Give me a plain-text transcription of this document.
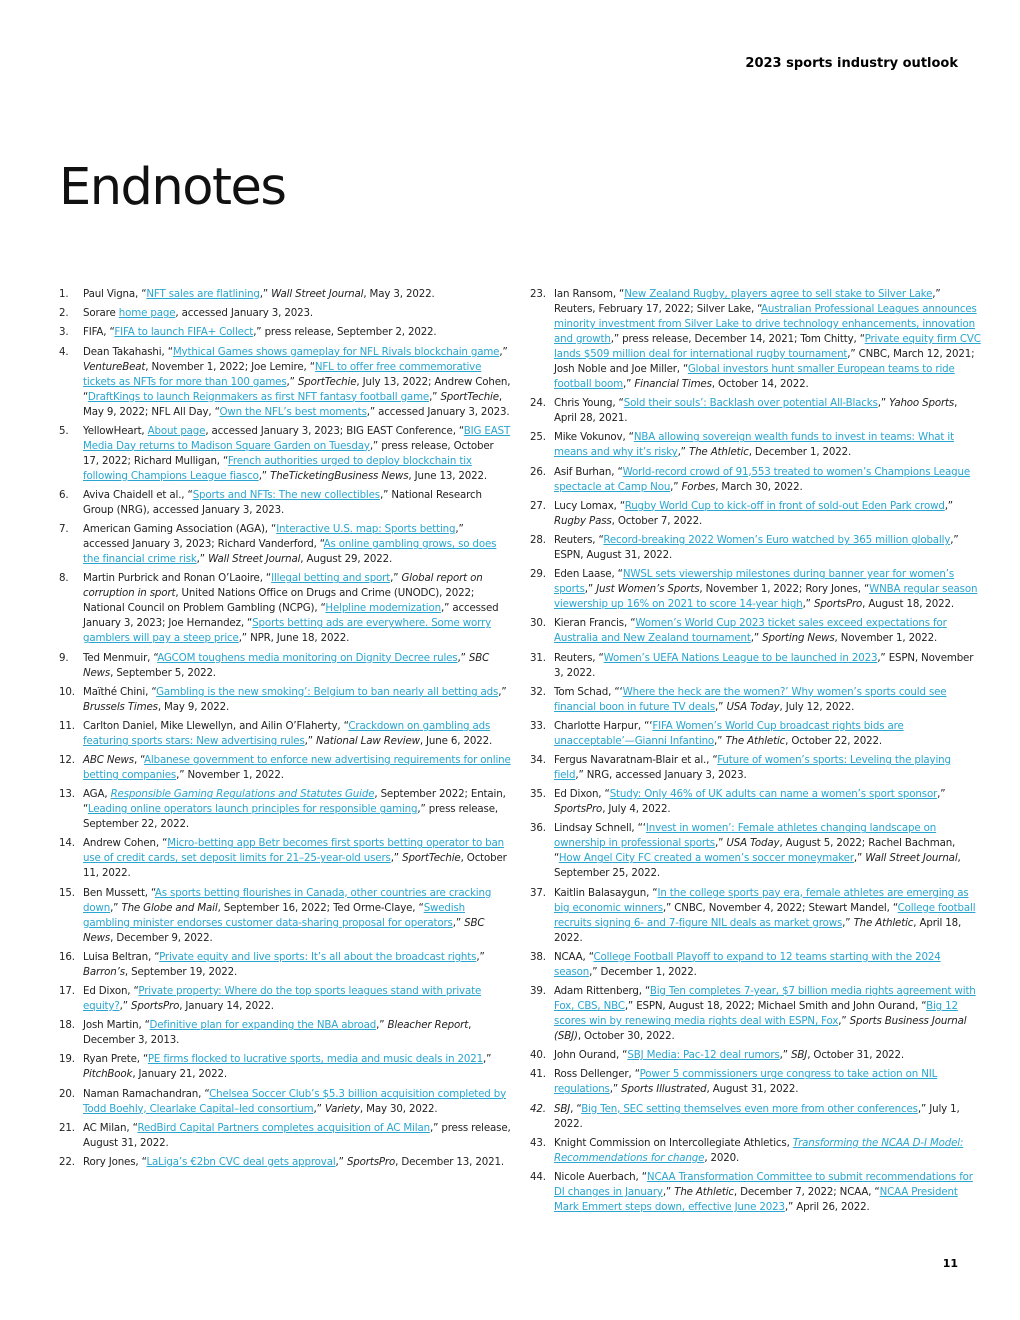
2023 sports industry outlook
Endnotes
1.	Paul Vigna, “NFT sales are flatlining,” Wall Street Journal, May 3, 2022.
2.	Sorare home page, accessed January 3, 2023.
3.	FIFA, “FIFA to launch FIFA+ Collect,” press release, September 2, 2022.
4.	Dean Takahashi, “Mythical Games shows gameplay for NFL Rivals blockchain game,” VentureBeat, November 1, 2022; Joe Lemire, “NFL to offer free commemorative tickets as NFTs for more than 100 games,” SportTechie, July 13, 2022; Andrew Cohen, “DraftKings to launch Reignmakers as first NFT fantasy football game,” SportTechie, May 9, 2022; NFL All Day, “Own the NFL’s best moments,” accessed January 3, 2023.
5.	YellowHeart, About page, accessed January 3, 2023; BIG EAST Conference, “BIG EAST Media Day returns to Madison Square Garden on Tuesday,” press release, October 17, 2022; Richard Mulligan, “French authorities urged to deploy blockchain tix following Champions League fiasco,” TheTicketingBusiness News, June 13, 2022.
6.	Aviva Chaidell et al., “Sports and NFTs: The new collectibles,” National Research Group (NRG), accessed January 3, 2023.
7.	American Gaming Association (AGA), “Interactive U.S. map: Sports betting,” accessed January 3, 2023; Richard Vanderford, “As online gambling grows, so does the financial crime risk,” Wall Street Journal, August 29, 2022.
8.	Martin Purbrick and Ronan O’Laoire, “Illegal betting and sport,” Global report on corruption in sport, United Nations Office on Drugs and Crime (UNODC), 2022; National Council on Problem Gambling (NCPG), “Helpline modernization,” accessed January 3, 2023; Joe Hernandez, “Sports betting ads are everywhere. Some worry gamblers will pay a steep price,” NPR, June 18, 2022.
9.	Ted Menmuir, “AGCOM toughens media monitoring on Dignity Decree rules,” SBC News, September 5, 2022.
10. Maïthé Chini, “Gambling is the new smoking’: Belgium to ban nearly all betting ads,” Brussels Times, May 9, 2022.
11. Carlton Daniel, Mike Llewellyn, and Ailin O’Flaherty, “Crackdown on gambling ads featuring sports stars: New advertising rules,” National Law Review, June 6, 2022.
12. ABC News, “Albanese government to enforce new advertising requirements for online betting companies,” November 1, 2022.
13. AGA, Responsible Gaming Regulations and Statutes Guide, September 2022; Entain, “Leading online operators launch principles for responsible gaming,” press release, September 22, 2022.
14. Andrew Cohen, “Micro-betting app Betr becomes first sports betting operator to ban use of credit cards, set deposit limits for 21–25-year-old users,” SportTechie, October 11, 2022.
15. Ben Mussett, “As sports betting flourishes in Canada, other countries are cracking down,” The Globe and Mail, September 16, 2022; Ted Orme-Claye, “Swedish gambling minister endorses customer data-sharing proposal for operators,” SBC News, December 9, 2022.
16. Luisa Beltran, “Private equity and live sports: It’s all about the broadcast rights,” Barron’s, September 19, 2022.
17. Ed Dixon, “Private property: Where do the top sports leagues stand with private equity?,” SportsPro, January 14, 2022.
18. Josh Martin, “Definitive plan for expanding the NBA abroad,” Bleacher Report, December 3, 2013.
19. Ryan Prete, “PE firms flocked to lucrative sports, media and music deals in 2021,” PitchBook, January 21, 2022.
20. Naman Ramachandran, “Chelsea Soccer Club’s $5.3 billion acquisition completed by Todd Boehly, Clearlake Capital–led consortium,” Variety, May 30, 2022.
21. AC Milan, “RedBird Capital Partners completes acquisition of AC Milan,” press release, August 31, 2022.
22. Rory Jones, “LaLiga’s €2bn CVC deal gets approval,” SportsPro, December 13, 2021.
23. Ian Ransom, “New Zealand Rugby, players agree to sell stake to Silver Lake,” Reuters, February 17, 2022; Silver Lake, “Australian Professional Leagues announces minority investment from Silver Lake to drive technology enhancements, innovation and growth,” press release, December 14, 2021; Tom Chitty, “Private equity firm CVC lands $509 million deal for international rugby tournament,” CNBC, March 12, 2021; Josh Noble and Joe Miller, “Global investors hunt smaller European teams to ride football boom,” Financial Times, October 14, 2022.
24. Chris Young, “Sold their souls’: Backlash over potential All-Blacks,” Yahoo Sports, April 28, 2021.
25. Mike Vokunov, “NBA allowing sovereign wealth funds to invest in teams: What it means and why it’s risky,” The Athletic, December 1, 2022.
26. Asif Burhan, “World-record crowd of 91,553 treated to women’s Champions League spectacle at Camp Nou,” Forbes, March 30, 2022.
27. Lucy Lomax, “Rugby World Cup to kick-off in front of sold-out Eden Park crowd,” Rugby Pass, October 7, 2022.
28. Reuters, “Record-breaking 2022 Women’s Euro watched by 365 million globally,” ESPN, August 31, 2022.
29. Eden Laase, “NWSL sets viewership milestones during banner year for women’s sports,” Just Women’s Sports, November 1, 2022; Rory Jones, “WNBA regular season viewership up 16% on 2021 to score 14-year high,” SportsPro, August 18, 2022.
30. Kieran Francis, “Women’s World Cup 2023 ticket sales exceed expectations for Australia and New Zealand tournament,” Sporting News, November 1, 2022.
31. Reuters, “Women’s UEFA Nations League to be launched in 2023,” ESPN, November 3, 2022.
32. Tom Schad, “‘Where the heck are the women?’ Why women’s sports could see financial boon in future TV deals,” USA Today, July 12, 2022.
33. Charlotte Harpur, “‘FIFA Women’s World Cup broadcast rights bids are unacceptable’—Gianni Infantino,” The Athletic, October 22, 2022.
34. Fergus Navaratnam-Blair et al., “Future of women’s sports: Leveling the playing field,” NRG, accessed January 3, 2023.
35. Ed Dixon, “Study: Only 46% of UK adults can name a women’s sport sponsor,” SportsPro, July 4, 2022.
36. Lindsay Schnell, “‘Invest in women’: Female athletes changing landscape on ownership in professional sports,” USA Today, August 5, 2022; Rachel Bachman, “How Angel City FC created a women’s soccer moneymaker,” Wall Street Journal, September 25, 2022.
37. Kaitlin Balasaygun, “In the college sports pay era, female athletes are emerging as big economic winners,” CNBC, November 4, 2022; Stewart Mandel, “College football recruits signing 6- and 7-figure NIL deals as market grows,” The Athletic, April 18, 2022.
38. NCAA, “College Football Playoff to expand to 12 teams starting with the 2024 season,” December 1, 2022.
39. Adam Rittenberg, “Big Ten completes 7-year, $7 billion media rights agreement with Fox, CBS, NBC,” ESPN, August 18, 2022; Michael Smith and John Ourand, “Big 12 scores win by renewing media rights deal with ESPN, Fox,” Sports Business Journal (SBJ), October 30, 2022.
40. John Ourand, “SBJ Media: Pac-12 deal rumors,” SBJ, October 31, 2022.
41. Ross Dellenger, “Power 5 commissioners urge congress to take action on NIL regulations,” Sports Illustrated, August 31, 2022.
42. SBJ, “Big Ten, SEC setting themselves even more from other conferences,” July 1, 2022.
43. Knight Commission on Intercollegiate Athletics, Transforming the NCAA D-I Model: Recommendations for change, 2020.
44. Nicole Auerbach, “NCAA Transformation Committee to submit recommendations for DI changes in January,” The Athletic, December 7, 2022; NCAA, “NCAA President Mark Emmert steps down, effective June 2023,” April 26, 2022.
11
